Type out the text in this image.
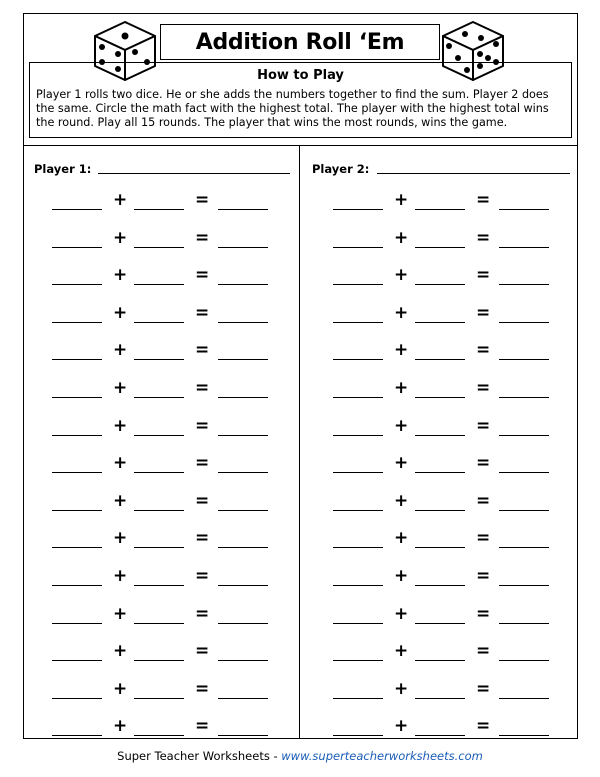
Addition Roll ‘Em
How to Play

Player 1 rolls two dice. He or she adds the numbers together to find the sum. Player 2 does the same. Circle the math fact with the highest total. The player with the highest total wins the round. Play all 15 rounds. The player that wins the most rounds, wins the game.

Player 1:	Player 2:
+	=
+	=
+	=
+	=
+	=
+	=
+	=
+	=
+	=
+	=
+	=
+	=
+	=
+	=
+	=
+	=
+	=
+	=
+	=
+	=
+	=
+	=
+	=
+	=
+	=
+	=
+	=
+	=
+	=
+	=
Super Teacher Worksheets - www.superteacherworksheets.com
